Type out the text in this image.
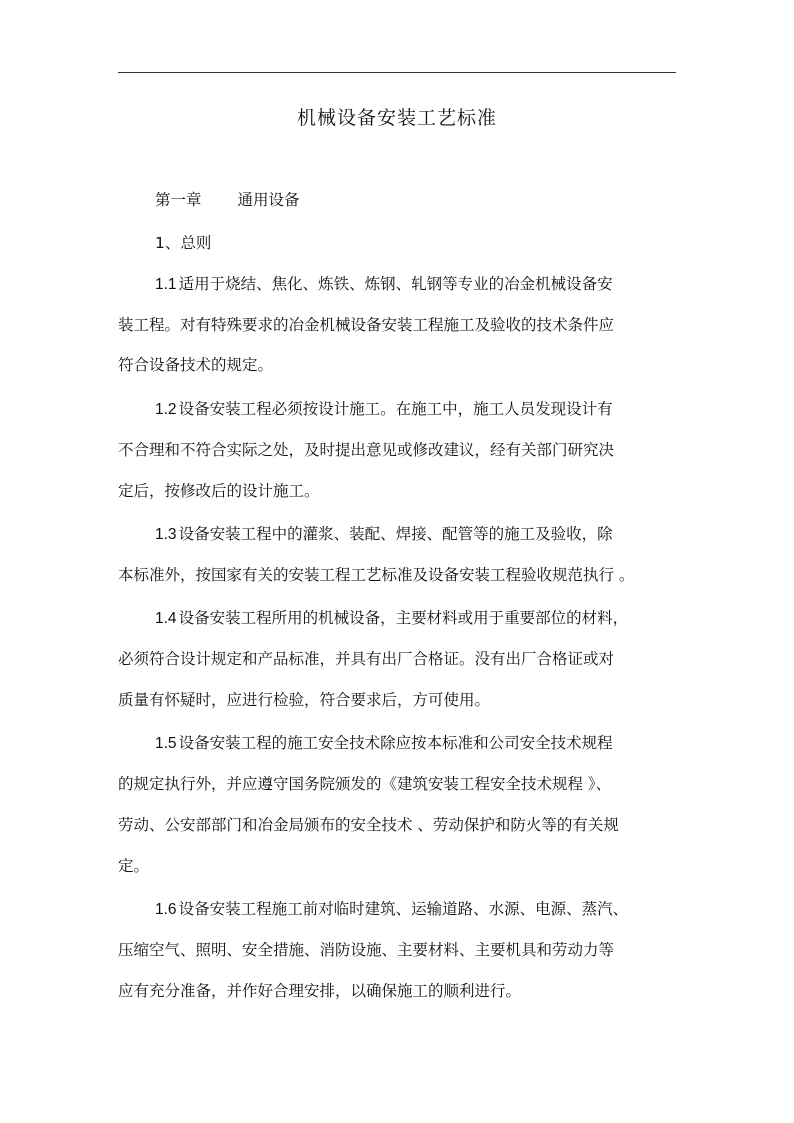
机械设备安装工艺标准
第一章 通用设备
1、总则
1.1 适用于烧结、焦化、炼铁、炼钢、轧钢等专业的冶金机械设备安
装工程。对有特殊要求的冶金机械设备安装工程施工及验收的技术条件应
符合设备技术的规定。
1.2 设备安装工程必须按设计施工。在施工中，施工人员发现设计有
不合理和不符合实际之处，及时提出意见或修改建议，经有关部门研究决
定后，按修改后的设计施工。
1.3 设备安装工程中的灌浆、装配、焊接、配管等的施工及验收，除
本标准外，按国家有关的安装工程工艺标准及设备安装工程验收规范执行 。
1.4 设备安装工程所用的机械设备，主要材料或用于重要部位的材料，
必须符合设计规定和产品标准，并具有出厂合格证。没有出厂合格证或对
质量有怀疑时，应进行检验，符合要求后，方可使用。
1.5 设备安装工程的施工安全技术除应按本标准和公司安全技术规程
的规定执行外，并应遵守国务院颁发的《建筑安装工程安全技术规程 》、
劳动、公安部部门和冶金局颁布的安全技术 、劳动保护和防火等的有关规
定。
1.6 设备安装工程施工前对临时建筑、运输道路、水源、电源、蒸汽、
压缩空气、照明、安全措施、消防设施、主要材料、主要机具和劳动力等
应有充分准备，并作好合理安排，以确保施工的顺利进行。
